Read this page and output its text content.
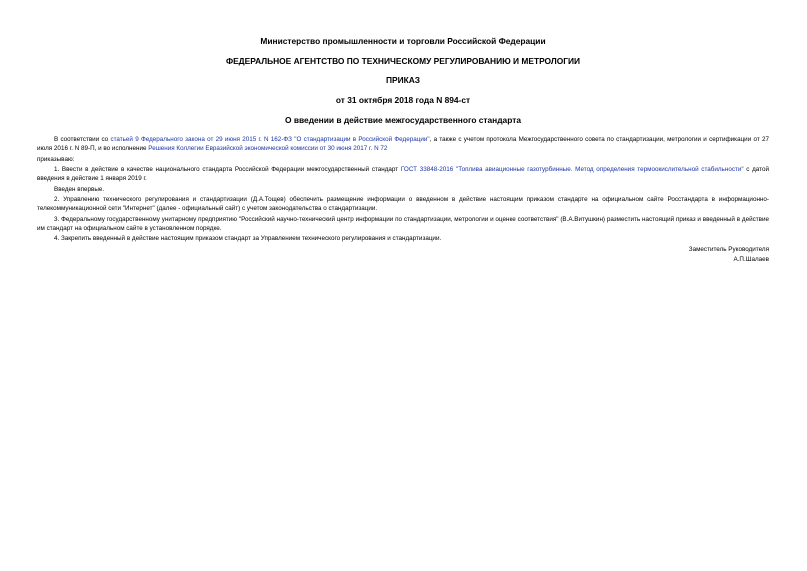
Министерство промышленности и торговли Российской Федерации
ФЕДЕРАЛЬНОЕ АГЕНТСТВО ПО ТЕХНИЧЕСКОМУ РЕГУЛИРОВАНИЮ И МЕТРОЛОГИИ
ПРИКАЗ
от 31 октября 2018 года N 894-ст
О введении в действие межгосударственного стандарта

В соответствии со статьей 9 Федерального закона от 29 июня 2015 г. N 162-ФЗ "О стандартизации в Российской Федерации", а также с учетом протокола Межгосударственного совета по стандартизации, метрологии и сертификации от 27 июля 2016 г. N 89-П, и во исполнение Решения Коллегии Евразийской экономической комиссии от 30 июня 2017 г. N 72

приказываю:

1. Ввести в действие в качестве национального стандарта Российской Федерации межгосударственный стандарт ГОСТ 33848-2016 "Топлива авиационные газотурбинные. Метод определения термоокислительной стабильности" с датой введения в действие 1 января 2019 г.

Введен впервые.

2. Управлению технического регулирования и стандартизации (Д.А.Тощев) обеспечить размещение информации о введенном в действие настоящим приказом стандарте на официальном сайте Росстандарта в информационно-телекоммуникационной сети "Интернет" (далее - официальный сайт) с учетом законодательства о стандартизации.

3. Федеральному государственному унитарному предприятию "Российский научно-технический центр информации по стандартизации, метрологии и оценке соответствия" (В.А.Витушкин) разместить настоящий приказ и введенный в действие им стандарт на официальном сайте в установленном порядке.

4. Закрепить введенный в действие настоящим приказом стандарт за Управлением технического регулирования и стандартизации.

Заместитель Руководителя
А.П.Шалаев
